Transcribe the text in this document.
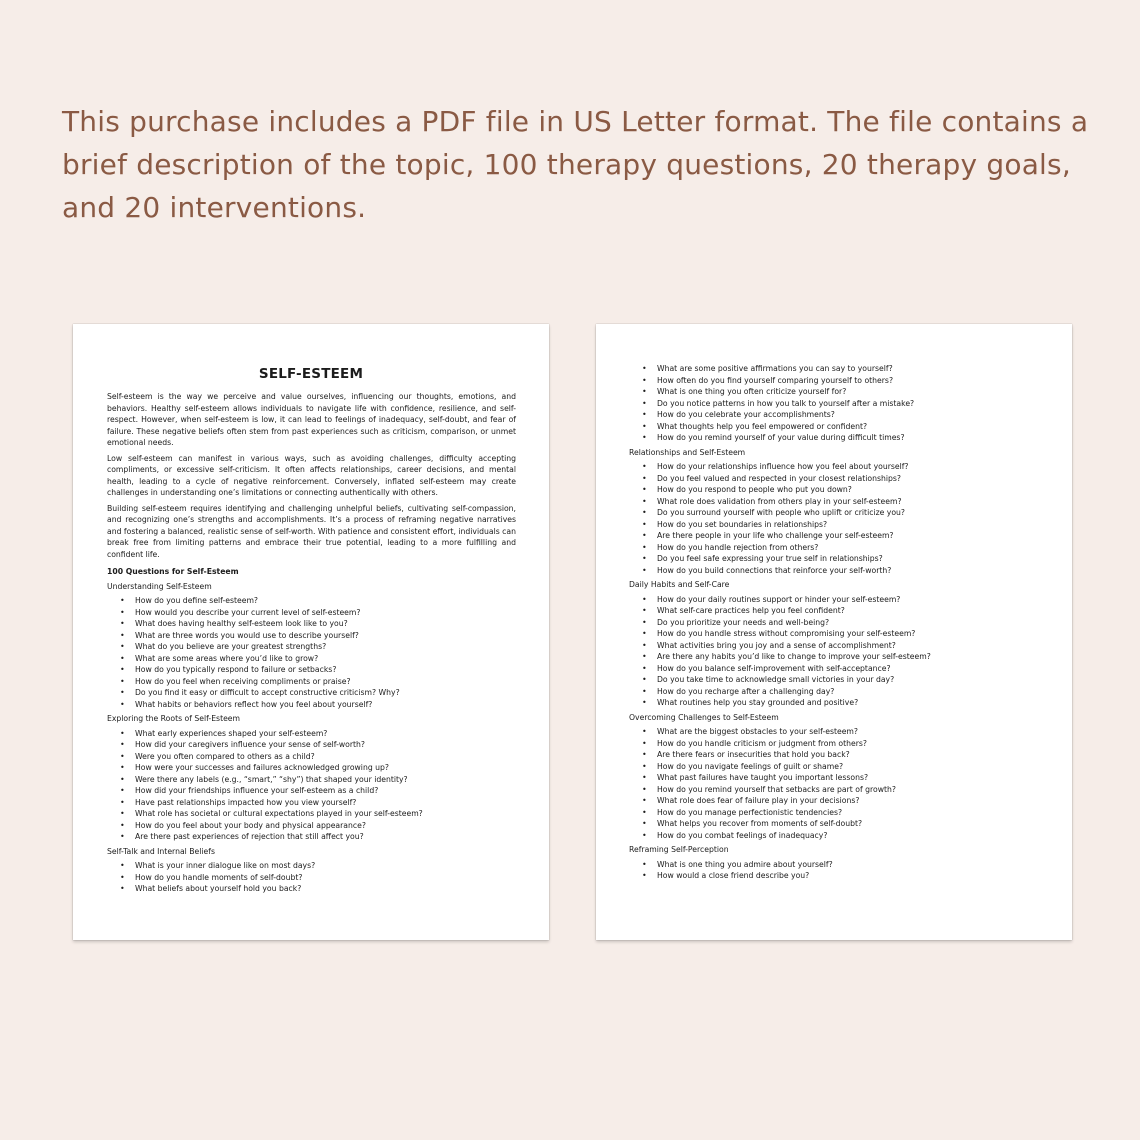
This purchase includes a PDF file in US Letter format. The file contains a brief description of the topic, 100 therapy questions, 20 therapy goals, and 20 interventions.
SELF-ESTEEM

Self-esteem is the way we perceive and value ourselves, influencing our thoughts, emotions, and behaviors. Healthy self-esteem allows individuals to navigate life with confidence, resilience, and self-respect. However, when self-esteem is low, it can lead to feelings of inadequacy, self-doubt, and fear of failure. These negative beliefs often stem from past experiences such as criticism, comparison, or unmet emotional needs.

Low self-esteem can manifest in various ways, such as avoiding challenges, difficulty accepting compliments, or excessive self-criticism. It often affects relationships, career decisions, and mental health, leading to a cycle of negative reinforcement. Conversely, inflated self-esteem may create challenges in understanding one’s limitations or connecting authentically with others.

Building self-esteem requires identifying and challenging unhelpful beliefs, cultivating self-compassion, and recognizing one’s strengths and accomplishments. It’s a process of reframing negative narratives and fostering a balanced, realistic sense of self-worth. With patience and consistent effort, individuals can break free from limiting patterns and embrace their true potential, leading to a more fulfilling and confident life.

100 Questions for Self-Esteem
Understanding Self-Esteem
• How do you define self-esteem?
• How would you describe your current level of self-esteem?
• What does having healthy self-esteem look like to you?
• What are three words you would use to describe yourself?
• What do you believe are your greatest strengths?
• What are some areas where you’d like to grow?
• How do you typically respond to failure or setbacks?
• How do you feel when receiving compliments or praise?
• Do you find it easy or difficult to accept constructive criticism? Why?
• What habits or behaviors reflect how you feel about yourself?
Exploring the Roots of Self-Esteem
• What early experiences shaped your self-esteem?
• How did your caregivers influence your sense of self-worth?
• Were you often compared to others as a child?
• How were your successes and failures acknowledged growing up?
• Were there any labels (e.g., “smart,” “shy”) that shaped your identity?
• How did your friendships influence your self-esteem as a child?
• Have past relationships impacted how you view yourself?
• What role has societal or cultural expectations played in your self-esteem?
• How do you feel about your body and physical appearance?
• Are there past experiences of rejection that still affect you?
Self-Talk and Internal Beliefs
• What is your inner dialogue like on most days?
• How do you handle moments of self-doubt?
• What beliefs about yourself hold you back?
• What are some positive affirmations you can say to yourself?
• How often do you find yourself comparing yourself to others?
• What is one thing you often criticize yourself for?
• Do you notice patterns in how you talk to yourself after a mistake?
• How do you celebrate your accomplishments?
• What thoughts help you feel empowered or confident?
• How do you remind yourself of your value during difficult times?
Relationships and Self-Esteem
• How do your relationships influence how you feel about yourself?
• Do you feel valued and respected in your closest relationships?
• How do you respond to people who put you down?
• What role does validation from others play in your self-esteem?
• Do you surround yourself with people who uplift or criticize you?
• How do you set boundaries in relationships?
• Are there people in your life who challenge your self-esteem?
• How do you handle rejection from others?
• Do you feel safe expressing your true self in relationships?
• How do you build connections that reinforce your self-worth?
Daily Habits and Self-Care
• How do your daily routines support or hinder your self-esteem?
• What self-care practices help you feel confident?
• Do you prioritize your needs and well-being?
• How do you handle stress without compromising your self-esteem?
• What activities bring you joy and a sense of accomplishment?
• Are there any habits you’d like to change to improve your self-esteem?
• How do you balance self-improvement with self-acceptance?
• Do you take time to acknowledge small victories in your day?
• How do you recharge after a challenging day?
• What routines help you stay grounded and positive?
Overcoming Challenges to Self-Esteem
• What are the biggest obstacles to your self-esteem?
• How do you handle criticism or judgment from others?
• Are there fears or insecurities that hold you back?
• How do you navigate feelings of guilt or shame?
• What past failures have taught you important lessons?
• How do you remind yourself that setbacks are part of growth?
• What role does fear of failure play in your decisions?
• How do you manage perfectionistic tendencies?
• What helps you recover from moments of self-doubt?
• How do you combat feelings of inadequacy?
Reframing Self-Perception
• What is one thing you admire about yourself?
• How would a close friend describe you?
